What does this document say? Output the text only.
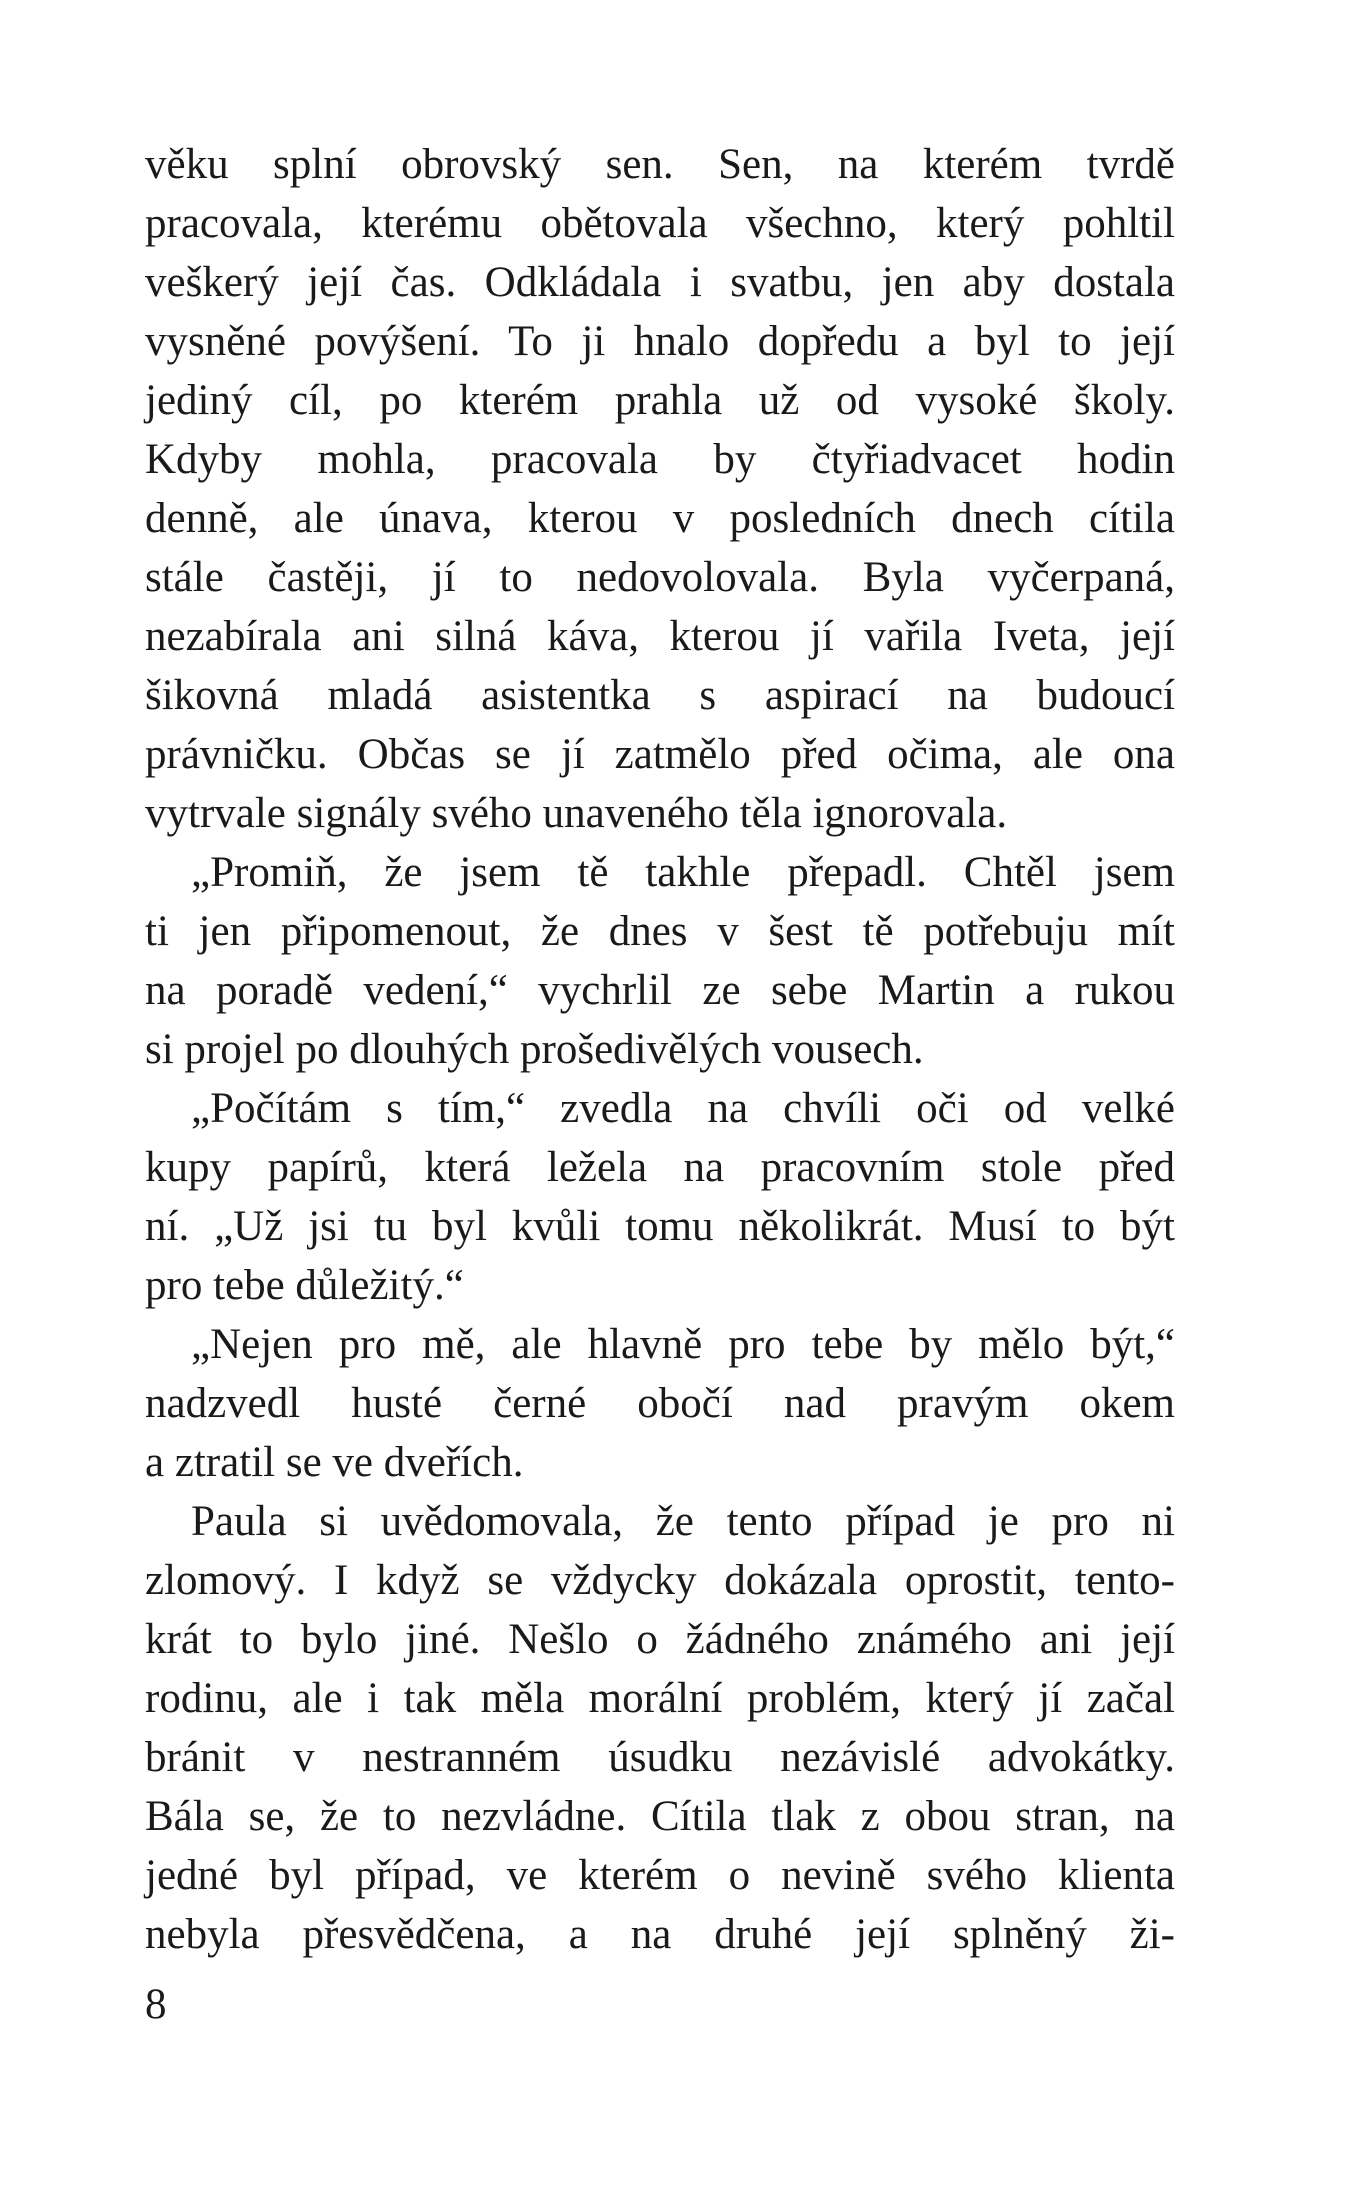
věku splní obrovský sen. Sen, na kterém tvrdě
pracovala, kterému obětovala všechno, který pohltil
veškerý její čas. Odkládala i svatbu, jen aby dostala
vysněné povýšení. To ji hnalo dopředu a byl to její
jediný cíl, po kterém prahla už od vysoké školy.
Kdyby mohla, pracovala by čtyřiadvacet hodin
denně, ale únava, kterou v posledních dnech cítila
stále častěji, jí to nedovolovala. Byla vyčerpaná,
nezabírala ani silná káva, kterou jí vařila Iveta, její
šikovná mladá asistentka s aspirací na budoucí
právničku. Občas se jí zatmělo před očima, ale ona
vytrvale signály svého unaveného těla ignorovala.
„Promiň, že jsem tě takhle přepadl. Chtěl jsem
ti jen připomenout, že dnes v šest tě potřebuju mít
na poradě vedení,“ vychrlil ze sebe Martin a rukou
si projel po dlouhých prošedivělých vousech.
„Počítám s tím,“ zvedla na chvíli oči od velké
kupy papírů, která ležela na pracovním stole před
ní. „Už jsi tu byl kvůli tomu několikrát. Musí to být
pro tebe důležitý.“
„Nejen pro mě, ale hlavně pro tebe by mělo být,“
nadzvedl husté černé obočí nad pravým okem
a ztratil se ve dveřích.
Paula si uvědomovala, že tento případ je pro ni
zlomový. I když se vždycky dokázala oprostit, tento-
krát to bylo jiné. Nešlo o žádného známého ani její
rodinu, ale i tak měla morální problém, který jí začal
bránit v nestranném úsudku nezávislé advokátky.
Bála se, že to nezvládne. Cítila tlak z obou stran, na
jedné byl případ, ve kterém o nevině svého klienta
nebyla přesvědčena, a na druhé její splněný ži-
8
